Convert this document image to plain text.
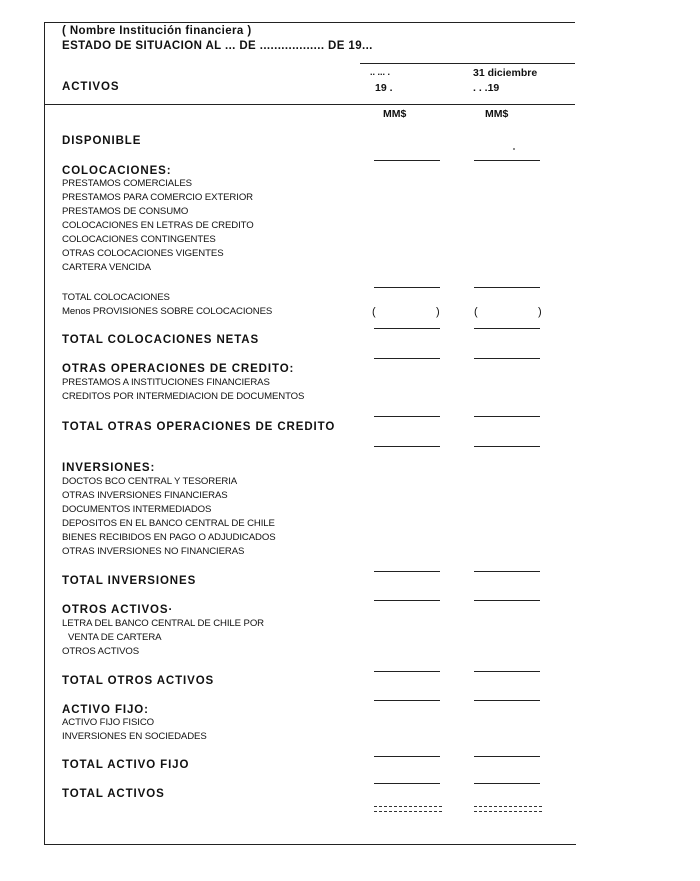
( Nombre Institución financiera )
ESTADO DE SITUACION AL ... DE .................. DE 19...
ACTIVOS
.. ... .
19 .
31 diciembre
. . .19
MM$	MM$
DISPONIBLE
COLOCACIONES:
PRESTAMOS COMERCIALES
PRESTAMOS PARA COMERCIO EXTERIOR
PRESTAMOS DE CONSUMO
COLOCACIONES EN LETRAS DE CREDITO
COLOCACIONES CONTINGENTES
OTRAS COLOCACIONES VIGENTES
CARTERA VENCIDA
TOTAL COLOCACIONES
Menos PROVISIONES SOBRE COLOCACIONES	(	)	(	)
TOTAL COLOCACIONES NETAS
OTRAS OPERACIONES DE CREDITO:
PRESTAMOS A INSTITUCIONES FINANCIERAS
CREDITOS POR INTERMEDIACION DE DOCUMENTOS
TOTAL OTRAS OPERACIONES DE CREDITO
INVERSIONES:
DOCTOS BCO CENTRAL Y TESORERIA
OTRAS INVERSIONES FINANCIERAS
DOCUMENTOS INTERMEDIADOS
DEPOSITOS EN EL BANCO CENTRAL DE CHILE
BIENES RECIBIDOS EN PAGO O ADJUDICADOS
OTRAS INVERSIONES NO FINANCIERAS
TOTAL INVERSIONES
OTROS ACTIVOS·
LETRA DEL BANCO CENTRAL DE CHILE POR
VENTA DE CARTERA
OTROS ACTIVOS
TOTAL OTROS ACTIVOS
ACTIVO FIJO:
ACTIVO FIJO FISICO
INVERSIONES EN SOCIEDADES
TOTAL ACTIVO FIJO
TOTAL ACTIVOS
